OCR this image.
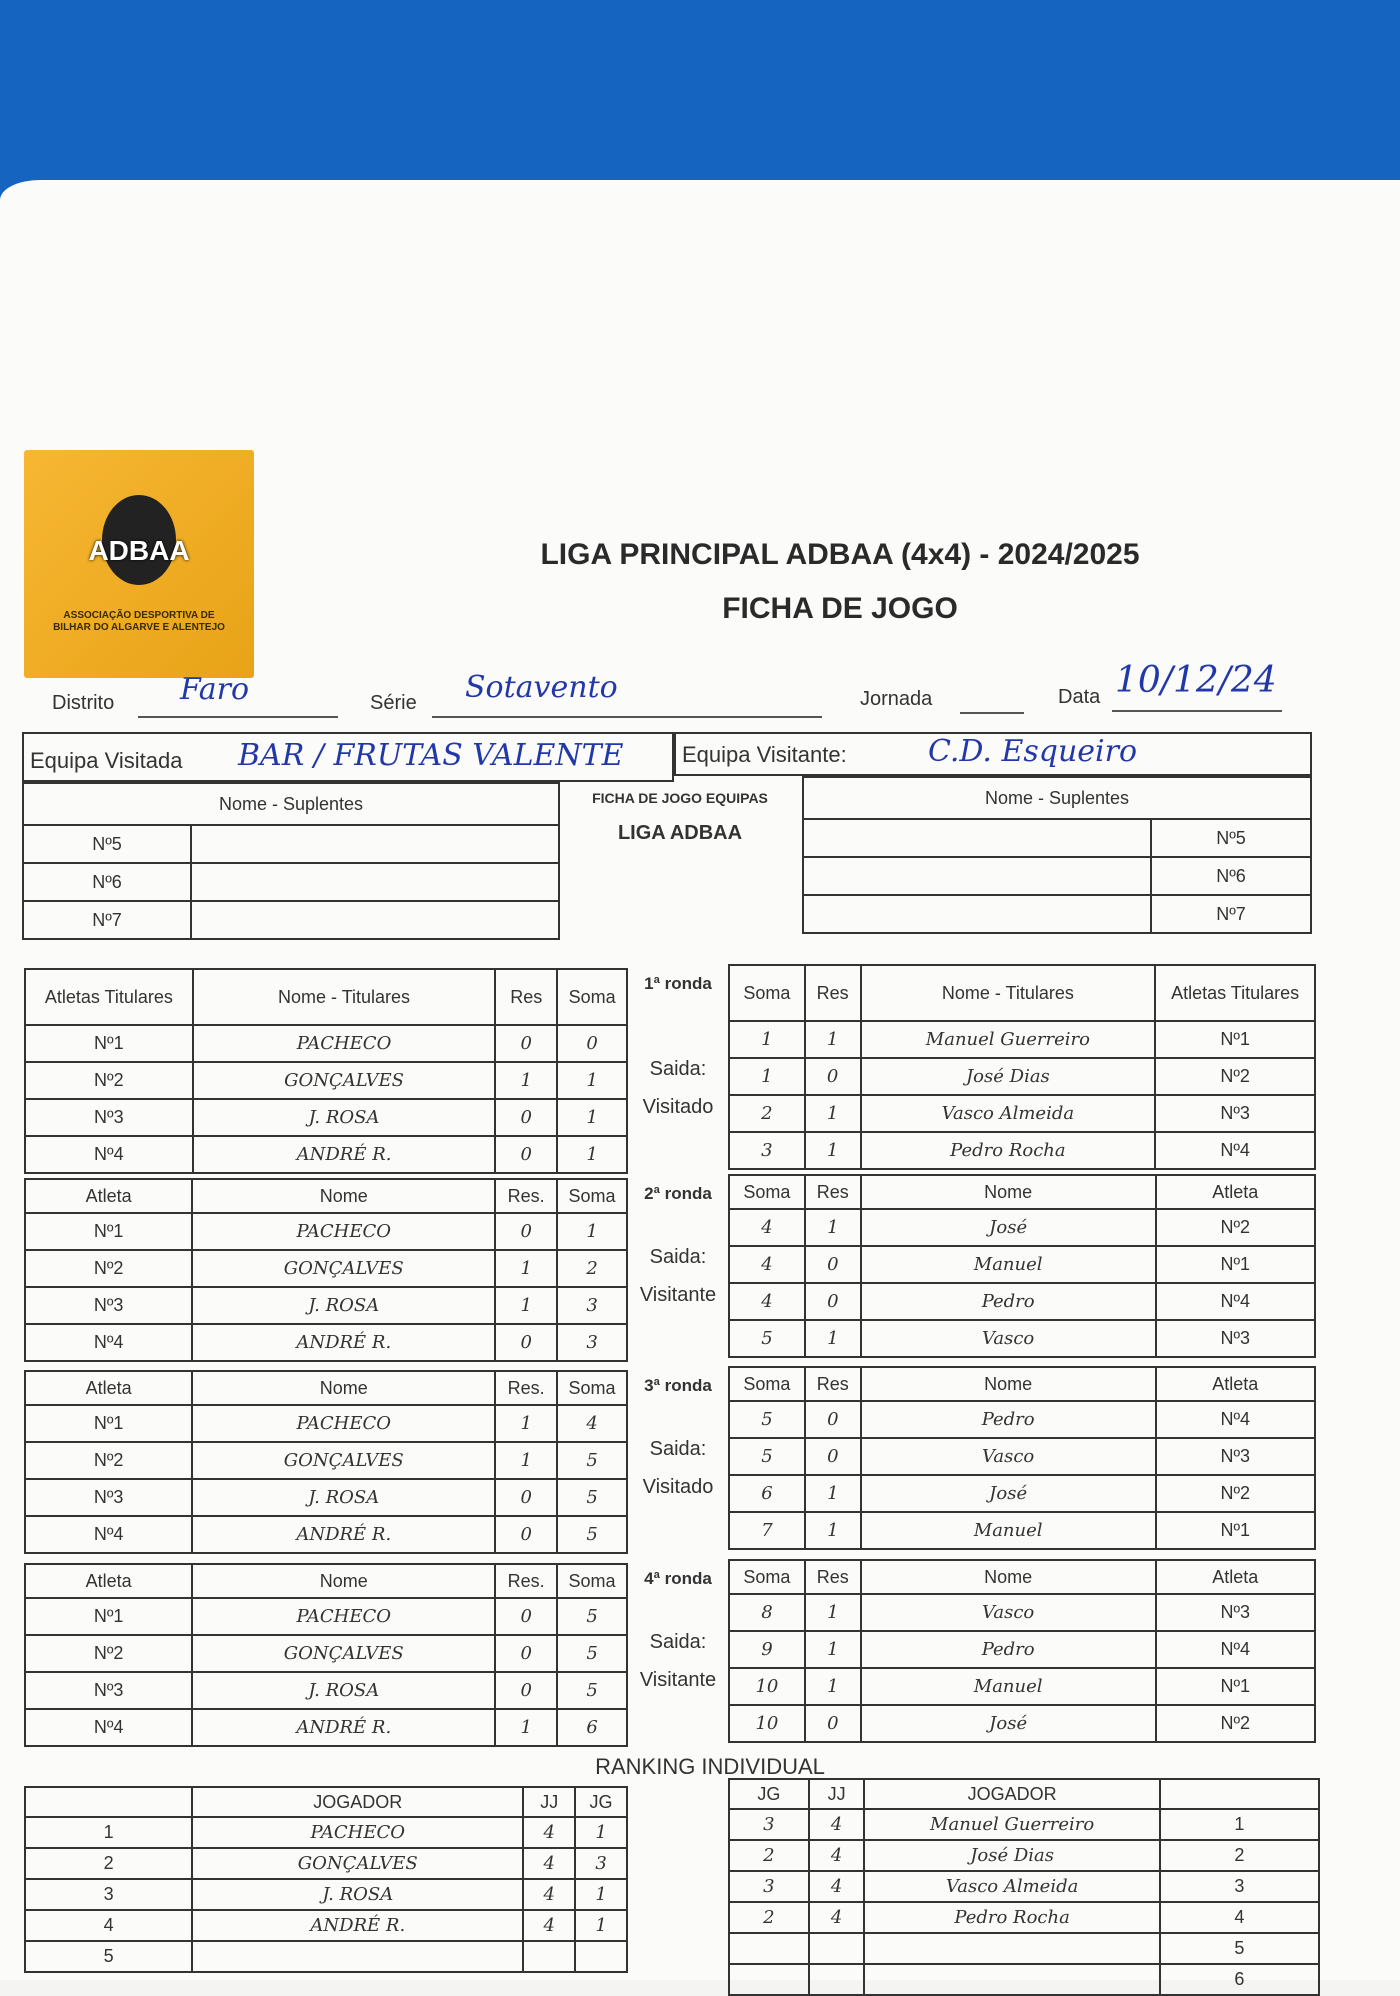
ADBAA
ASSOCIAÇÃO DESPORTIVA DE BILHAR DO ALGARVE E ALENTEJO
LIGA PRINCIPAL ADBAA (4x4) - 2024/2025
FICHA DE JOGO
Distrito Faro	Série Sotavento	Jornada	Data 10/12/24
Equipa Visitada BAR / FRUTAS VALENTE	Equipa Visitante:	C.D. Esqueiro
Nome - Suplentes	
Nº5	
Nº6	
Nº7	
FICHA DE JOGO EQUIPAS
LIGA ADBAA
Nome - Suplentes	
	Nº5
	Nº6
	Nº7
Atletas Titulares	Nome - Titulares	Res	Soma
Nº1	PACHECO	0	0
Nº2	GONÇALVES	1	1
Nº3	J. ROSA	0	1
Nº4	ANDRÉ R.	0	1
1ª ronda
Saida:
Visitado
Soma	Res	Nome - Titulares	Atletas Titulares
1	1	Manuel Guerreiro	Nº1
1	0	José Dias	Nº2
2	1	Vasco Almeida	Nº3
3	1	Pedro Rocha	Nº4
Atleta	Nome	Res.	Soma
Nº1	PACHECO	0	1
Nº2	GONÇALVES	1	2
Nº3	J. ROSA	1	3
Nº4	ANDRÉ R.	0	3
2ª ronda
Saida:
Visitante
Soma	Res	Nome	Atleta
4	1	José	Nº2
4	0	Manuel	Nº1
4	0	Pedro	Nº4
5	1	Vasco	Nº3
Atleta	Nome	Res.	Soma
Nº1	PACHECO	1	4
Nº2	GONÇALVES	1	5
Nº3	J. ROSA	0	5
Nº4	ANDRÉ R.	0	5
3ª ronda
Saida:
Visitado
Soma	Res	Nome	Atleta
5	0	Pedro	Nº4
5	0	Vasco	Nº3
6	1	José	Nº2
7	1	Manuel	Nº1
Atleta	Nome	Res.	Soma
Nº1	PACHECO	0	5
Nº2	GONÇALVES	0	5
Nº3	J. ROSA	0	5
Nº4	ANDRÉ R.	1	6
4ª ronda
Saida:
Visitante
Soma	Res	Nome	Atleta
8	1	Vasco	Nº3
9	1	Pedro	Nº4
10	1	Manuel	Nº1
10	0	José	Nº2
RANKING INDIVIDUAL
	JOGADOR	JJ	JG
1	PACHECO	4	1
2	GONÇALVES	4	3
3	J. ROSA	4	1
4	ANDRÉ R.	4	1
5			
JG	JJ	JOGADOR	
3	4	Manuel Guerreiro	1
2	4	José Dias	2
3	4	Vasco Almeida	3
2	4	Pedro Rocha	4
			5
			6
